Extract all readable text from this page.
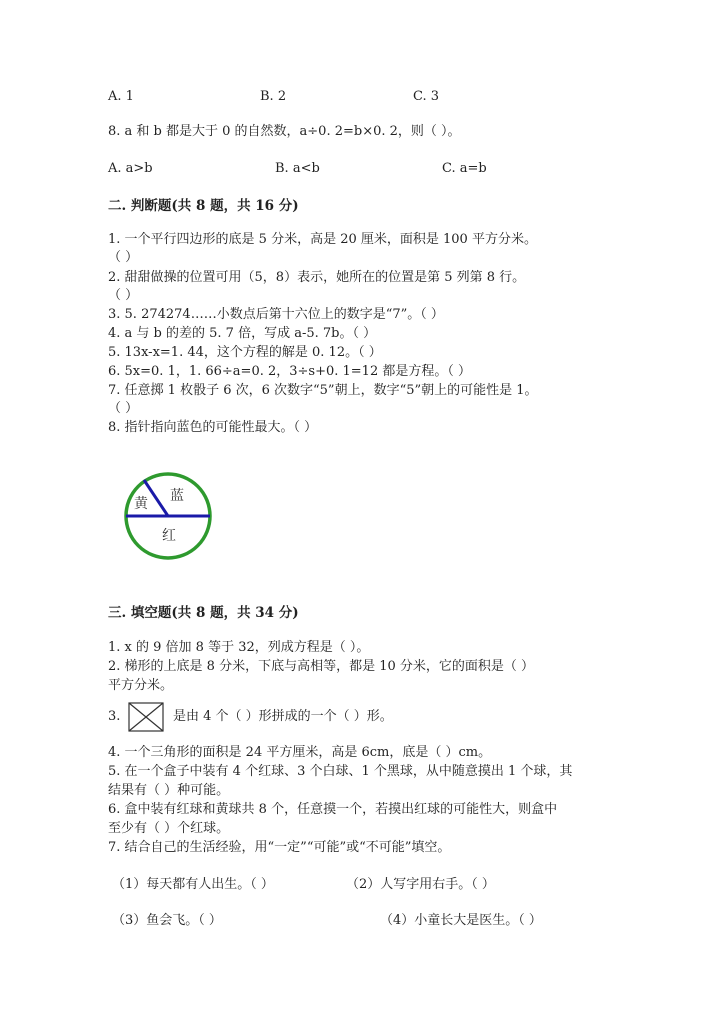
A. 1	B. 2	C. 3
8. a 和 b 都是大于 0 的自然数，a÷0. 2=b×0. 2，则（ ）。
A. a>b	B. a<b	C. a=b
二. 判断题(共 8 题，共 16 分)
1. 一个平行四边形的底是 5 分米，高是 20 厘米，面积是 100 平方分米。
（ ）
2. 甜甜做操的位置可用（5，8）表示，她所在的位置是第 5 列第 8 行。
（ ）
3. 5. 274274……小数点后第十六位上的数字是“7”。（ ）
4. a 与 b 的差的 5. 7 倍，写成 a-5. 7b。（ ）
5. 13x-x=1. 44，这个方程的解是 0. 12。（ ）
6. 5x=0. 1，1. 66÷a=0. 2，3÷s+0. 1=12 都是方程。（ ）
7. 任意掷 1 枚骰子 6 次，6 次数字“5”朝上，数字“5”朝上的可能性是 1。
（ ）
8. 指针指向蓝色的可能性最大。（ ）
黄 蓝
红
三. 填空题(共 8 题，共 34 分)
1. x 的 9 倍加 8 等于 32，列成方程是（ ）。
2. 梯形的上底是 8 分米，下底与高相等，都是 10 分米，它的面积是（ ）
平方分米。
3.	是由 4 个（ ）形拼成的一个（ ）形。
4. 一个三角形的面积是 24 平方厘米，高是 6cm，底是（ ）cm。
5. 在一个盒子中装有 4 个红球、3 个白球、1 个黑球，从中随意摸出 1 个球，其
结果有（ ）种可能。
6. 盒中装有红球和黄球共 8 个，任意摸一个，若摸出红球的可能性大，则盒中
至少有（ ）个红球。
7. 结合自己的生活经验，用“一定”“可能”或“不可能”填空。
（1）每天都有人出生。（ ）	（2）人写字用右手。（ ）
（3）鱼会飞。（ ）	（4）小童长大是医生。（ ）
